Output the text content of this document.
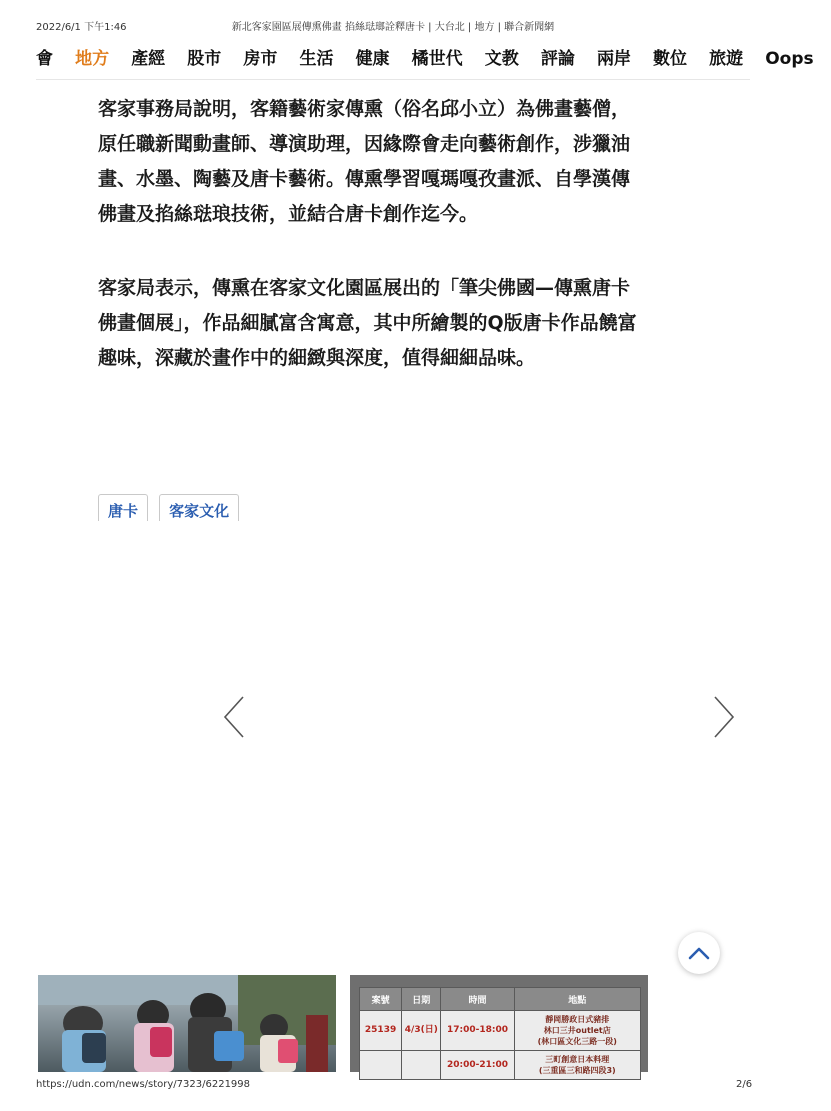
2022/6/1 下午1:46	新北客家園區展傳熏佛畫 掐絲琺瑯詮釋唐卡 | 大台北 | 地方 | 聯合新聞網
會 地方 產經 股市 房市 生活 健康 橘世代 文教 評論 兩岸 數位 旅遊 Oops

客家事務局說明，客籍藝術家傳熏（俗名邱小立）為佛畫藝僧，原任職新聞動畫師、導演助理，因緣際會走向藝術創作，涉獵油畫、水墨、陶藝及唐卡藝術。傳熏學習嘎瑪嘎孜畫派、自學漢傳佛畫及掐絲琺琅技術，並結合唐卡創作迄今。

客家局表示，傳熏在客家文化園區展出的「筆尖佛國—傳熏唐卡佛畫個展」，作品細膩富含寓意，其中所繪製的Q版唐卡作品饒富趣味，深藏於畫作中的細緻與深度，值得細細品味。

唐卡 客家文化
案號	日期	時間	地點
25139	4/3(日)	17:00-18:00	靜岡勝政日式豬排
林口三井outlet店
(林口區文化三路一段)

		20:00-21:00	三町創意日本料理
(三重區三和路四段3)
https://udn.com/news/story/7323/6221998	2/6
